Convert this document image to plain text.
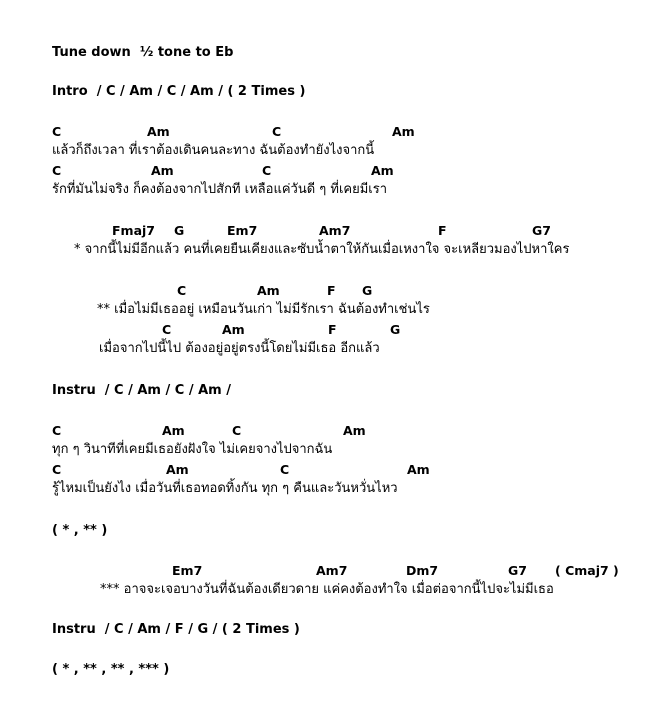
Tune down  ½ tone to Eb
Intro  / C / Am / C / Am / ( 2 Times )

C

	Am

	C

	Am

แล้วก็ถึงเวลา ที่เราต้องเดินคนละทาง ฉันต้องทำยังไงจากนี้

C

	Am

	C

	Am

รักที่มันไม่จริง ก็คงต้องจากไปสักที เหลือแค่วันดี ๆ ที่เคยมีเรา

Fmaj7

G

	Em7

	Am7

	F

	G7

* จากนี้ไม่มีอีกแล้ว คนที่เคยยืนเคียงและซับน้ำตาให้กันเมื่อเหงาใจ จะเหลียวมองไปหาใคร

C

	Am

	F

G

** เมื่อไม่มีเธออยู่ เหมือนวันเก่า ไม่มีรักเรา ฉันต้องทำเช่นไร

C

	Am

	F

	G

เมื่อจากไปนี้ไป ต้องอยู่อยู่ตรงนี้โดยไม่มีเธอ อีกแล้ว
Instru  / C / Am / C / Am /

C

	Am

	C

	Am

ทุก ๆ วินาทีที่เคยมีเธอยังฝังใจ ไม่เคยจางไปจากฉัน

C

	Am

	C

	Am

รู้ไหมเป็นยังไง เมื่อวันที่เธอทอดทิ้งกัน ทุก ๆ คืนและวันหวั่นไหว
( * , ** )

Em7

	Am7

	Dm7

	G7

( Cmaj7 )

*** อาจจะเจอบางวันที่ฉันต้องเดียวดาย แค่คงต้องทำใจ เมื่อต่อจากนี้ไปจะไม่มีเธอ
Instru  / C / Am / F / G / ( 2 Times )
( * , ** , ** , *** )
